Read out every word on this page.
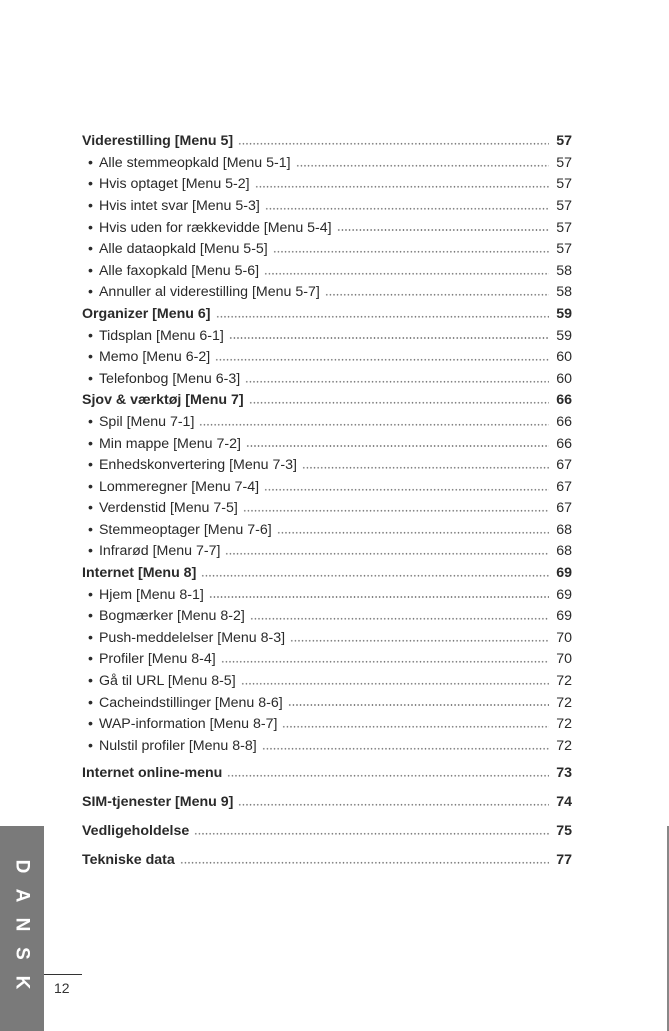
Viderestilling [Menu 5]	57
• Alle stemmeopkald [Menu 5-1]	57
• Hvis optaget [Menu 5-2]	57
• Hvis intet svar [Menu 5-3]	57
• Hvis uden for rækkevidde [Menu 5-4]	57
• Alle dataopkald [Menu 5-5]	57
• Alle faxopkald [Menu 5-6]	58
• Annuller al viderestilling [Menu 5-7]	58
Organizer [Menu 6]	59
• Tidsplan [Menu 6-1]	59
• Memo [Menu 6-2]	60
• Telefonbog [Menu 6-3]	60
Sjov & værktøj [Menu 7]	66
• Spil [Menu 7-1]	66
• Min mappe [Menu 7-2]	66
• Enhedskonvertering [Menu 7-3]	67
• Lommeregner [Menu 7-4]	67
• Verdenstid [Menu 7-5]	67
• Stemmeoptager [Menu 7-6]	68
• Infrarød [Menu 7-7]	68
Internet [Menu 8]	69
• Hjem [Menu 8-1]	69
• Bogmærker [Menu 8-2]	69
• Push-meddelelser [Menu 8-3]	70
• Profiler [Menu 8-4]	70
• Gå til URL [Menu 8-5]	72
• Cacheindstillinger [Menu 8-6]	72
• WAP-information [Menu 8-7]	72
• Nulstil profiler [Menu 8-8]	72
Internet online-menu	73
SIM-tjenester [Menu 9]	74
Vedligeholdelse	75
Tekniske data	77
D
A
N
S
K 12
